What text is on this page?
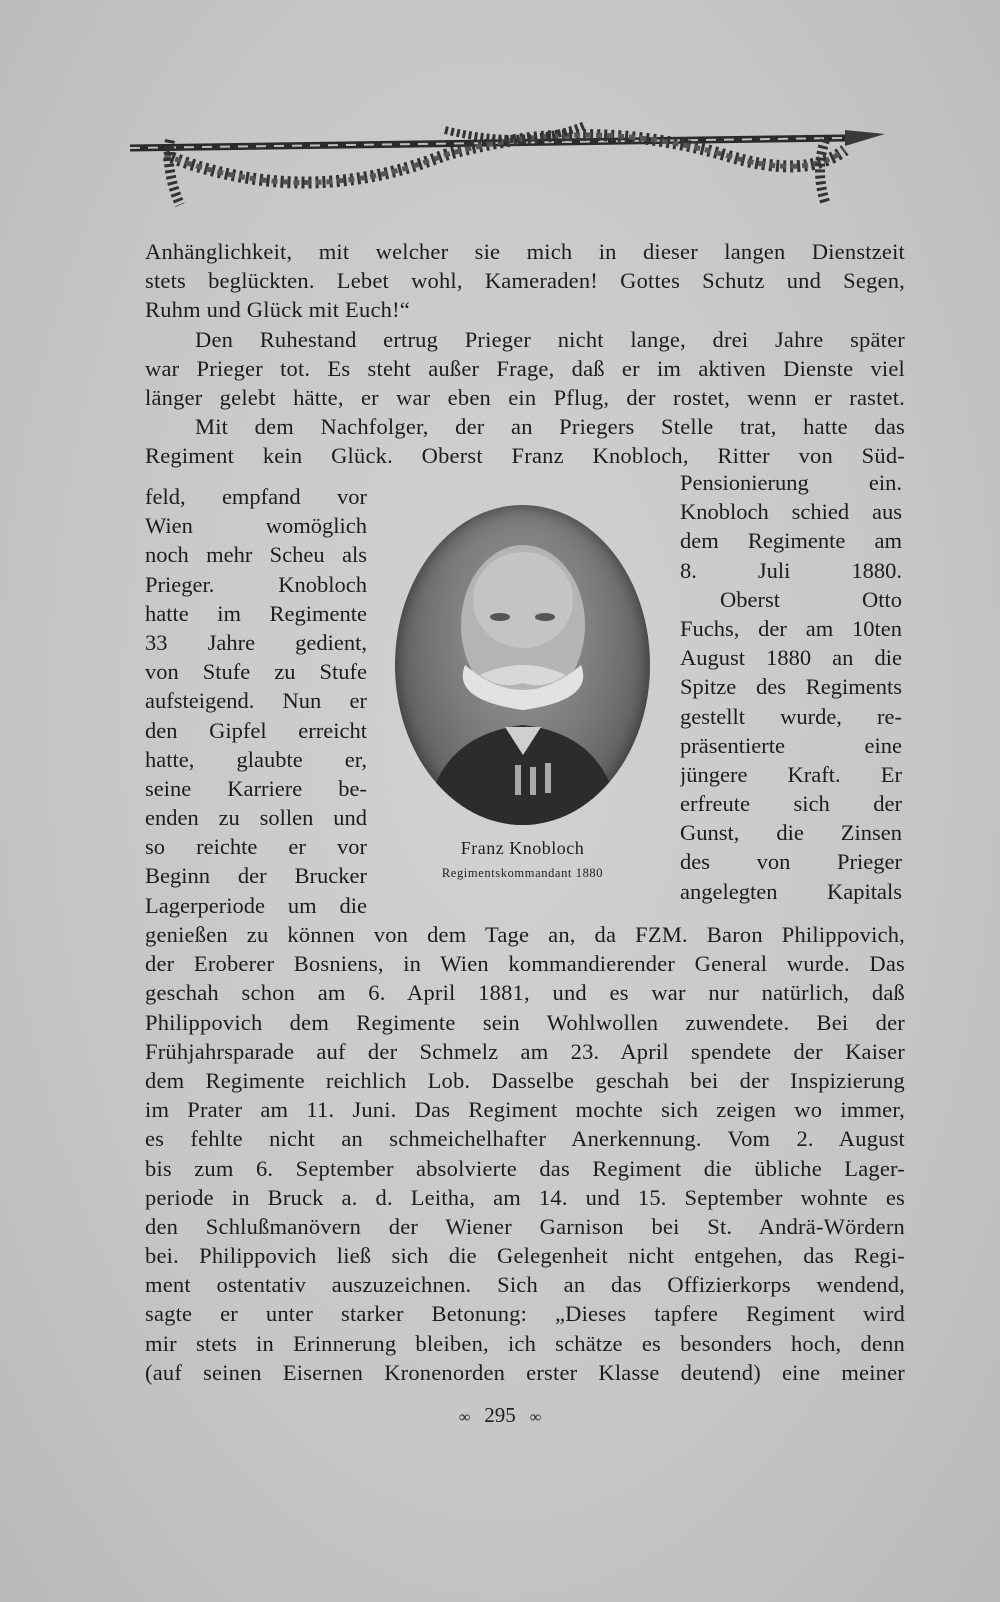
Anhänglichkeit, mit welcher sie mich in dieser langen Dienstzeit
stets beglückten. Lebet wohl, Kameraden! Gottes Schutz und Segen,
Ruhm und Glück mit Euch!“
Den Ruhestand ertrug Prieger nicht lange, drei Jahre später
war Prieger tot. Es steht außer Frage, daß er im aktiven Dienste viel
länger gelebt hätte, er war eben ein Pflug, der rostet, wenn er rastet.
Mit dem Nachfolger, der an Priegers Stelle trat, hatte das
Regiment kein Glück. Oberst Franz Knobloch, Ritter von Süd-
feld, empfand vor
Wien womöglich
noch mehr Scheu als
Prieger. Knobloch
hatte im Regimente
33 Jahre gedient,
von Stufe zu Stufe
aufsteigend. Nun er
den Gipfel erreicht
hatte, glaubte er,
seine Karriere be-
enden zu sollen und
so reichte er vor
Beginn der Brucker
Lagerperiode um die
Franz Knobloch
Regimentskommandant 1880
Pensionierung ein.
Knobloch schied aus
dem Regimente am
8. Juli 1880.
Oberst Otto
Fuchs, der am 10ten
August 1880 an die
Spitze des Regiments
gestellt wurde, re-
präsentierte eine
jüngere Kraft. Er
erfreute sich der
Gunst, die Zinsen
des von Prieger
angelegten Kapitals
genießen zu können von dem Tage an, da FZM. Baron Philippovich,
der Eroberer Bosniens, in Wien kommandierender General wurde. Das
geschah schon am 6. April 1881, und es war nur natürlich, daß
Philippovich dem Regimente sein Wohlwollen zuwendete. Bei der
Frühjahrsparade auf der Schmelz am 23. April spendete der Kaiser
dem Regimente reichlich Lob. Dasselbe geschah bei der Inspizierung
im Prater am 11. Juni. Das Regiment mochte sich zeigen wo immer,
es fehlte nicht an schmeichelhafter Anerkennung. Vom 2. August
bis zum 6. September absolvierte das Regiment die übliche Lager-
periode in Bruck a. d. Leitha, am 14. und 15. September wohnte es
den Schlußmanövern der Wiener Garnison bei St. Andrä-Wördern
bei. Philippovich ließ sich die Gelegenheit nicht entgehen, das Regi-
ment ostentativ auszuzeichnen. Sich an das Offizierkorps wendend,
sagte er unter starker Betonung: „Dieses tapfere Regiment wird
mir stets in Erinnerung bleiben, ich schätze es besonders hoch, denn
(auf seinen Eisernen Kronenorden erster Klasse deutend) eine meiner
∞ 295 ∞
